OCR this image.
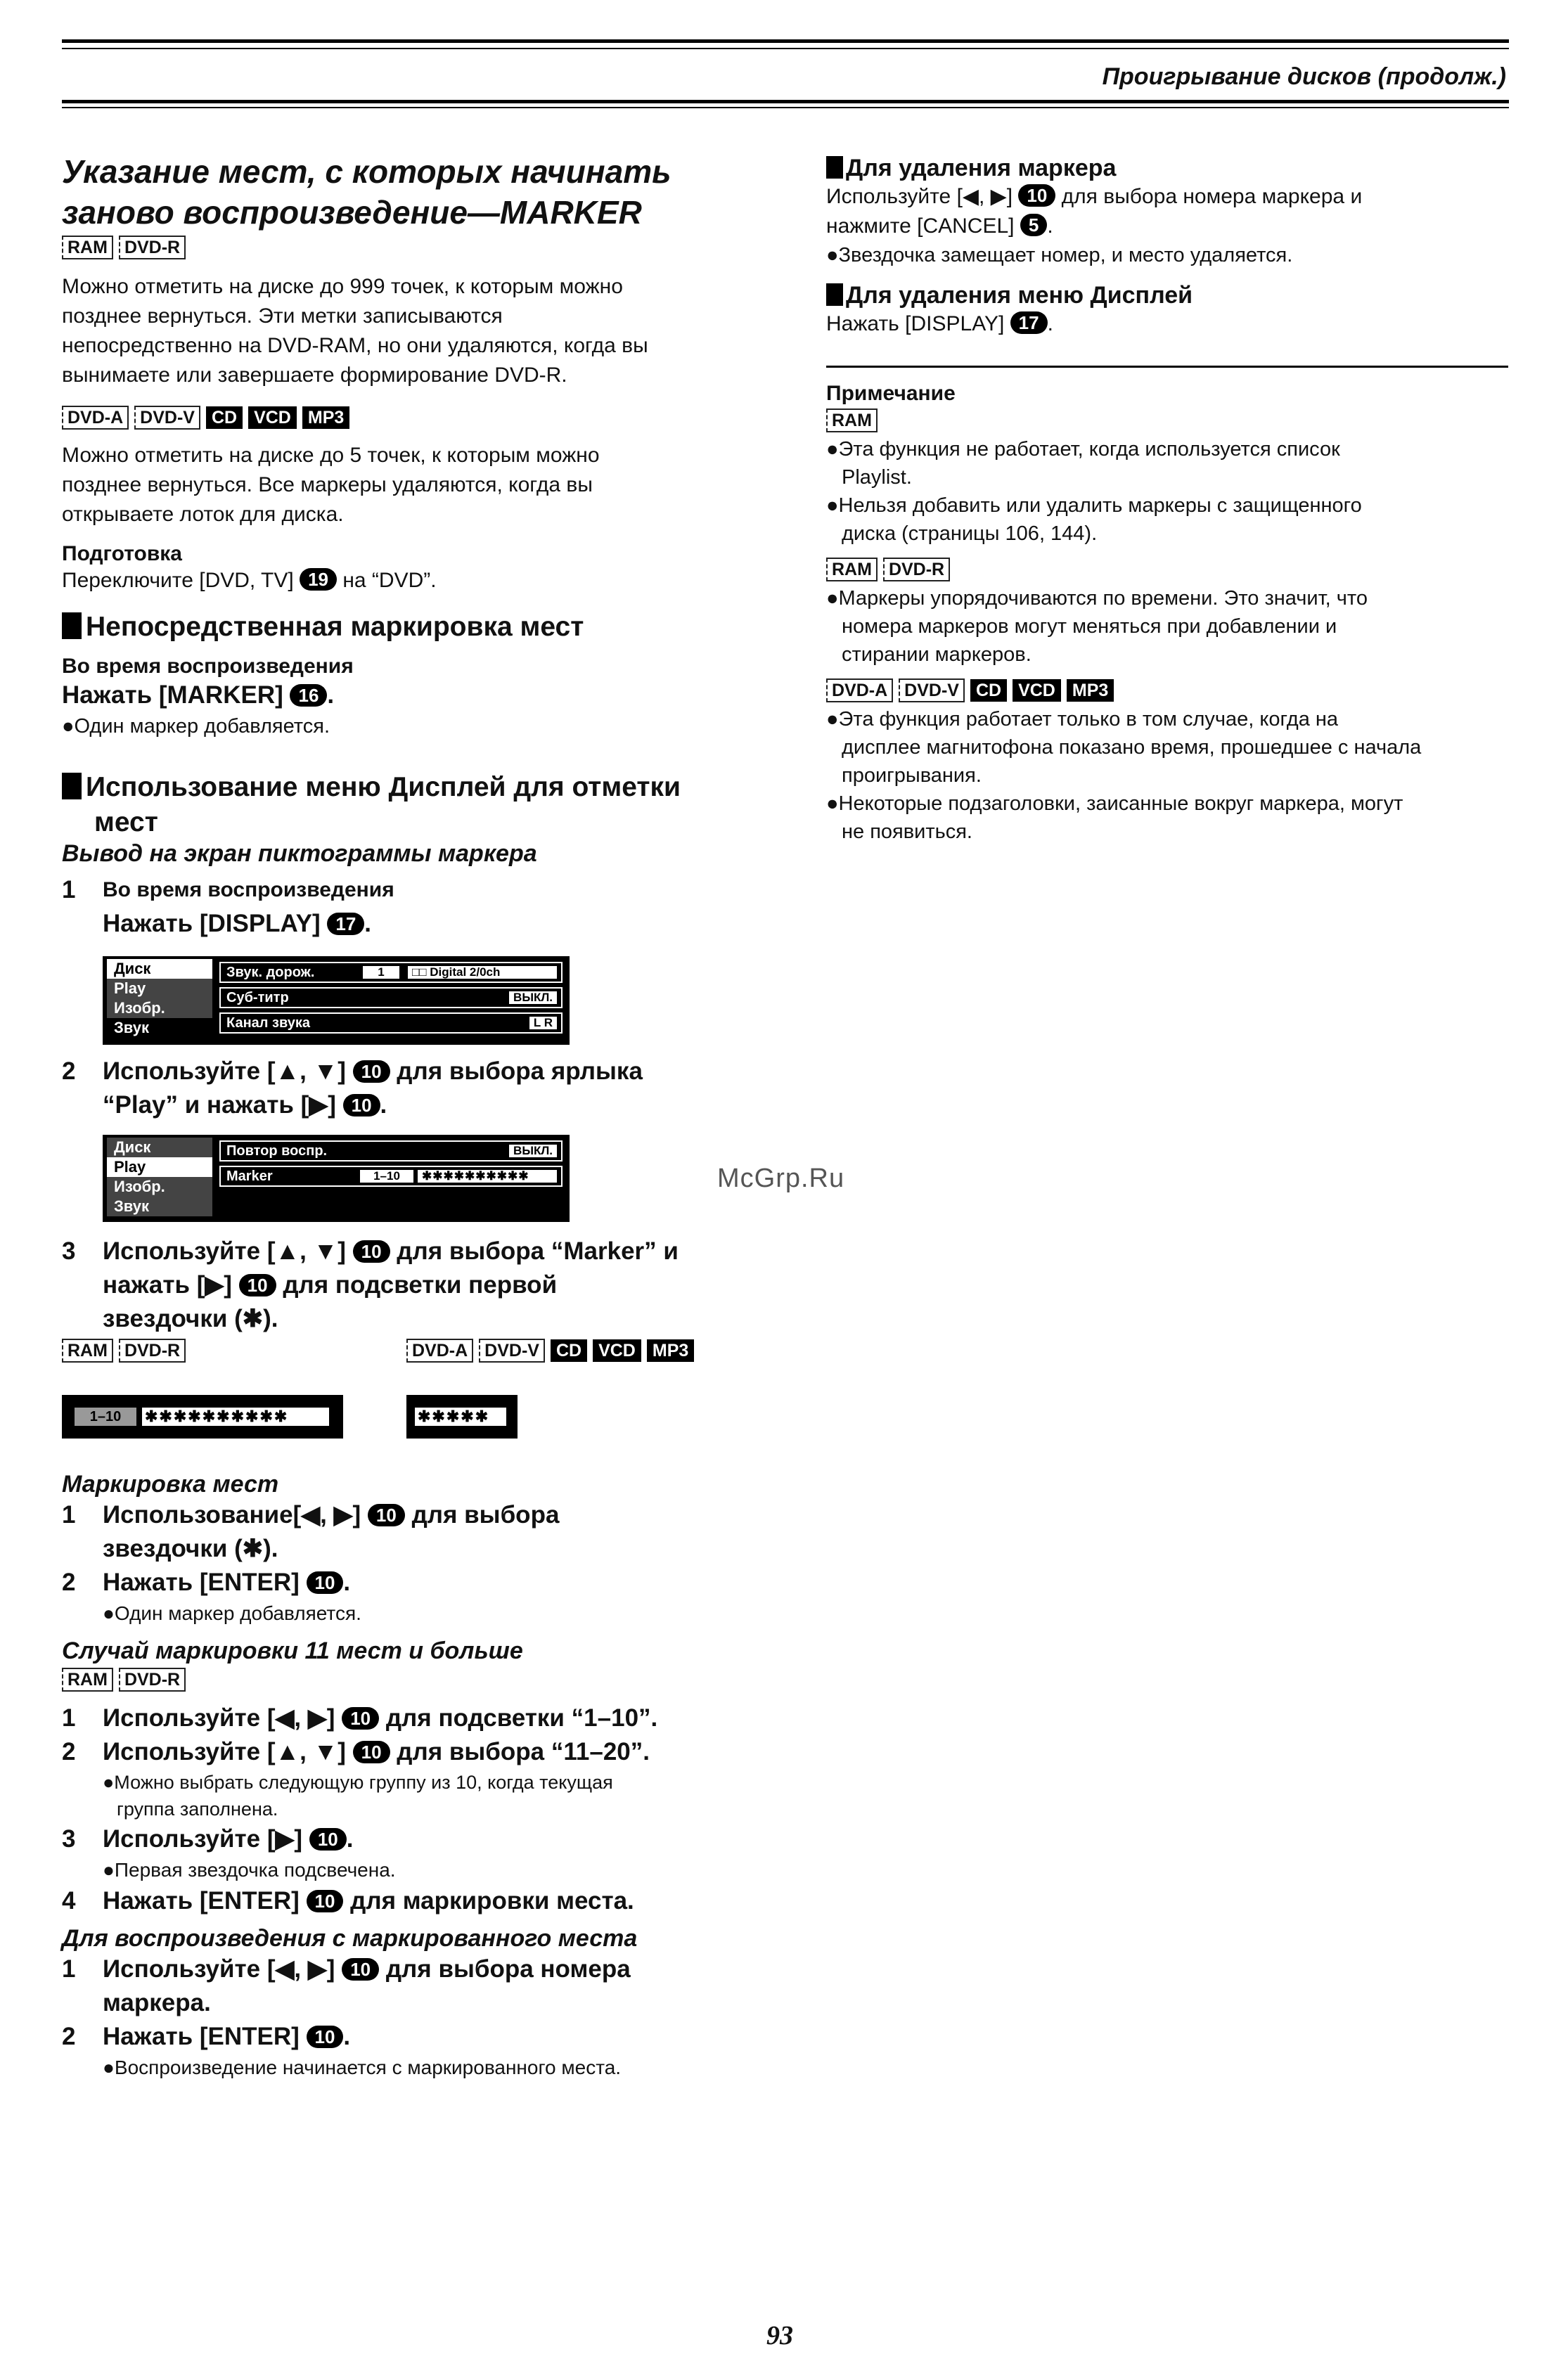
Проигрывание дисков (продолж.)
Указание мест, с которых начинать
заново воспроизведение—MARKER
RAM DVD-R
Можно отметить на диске до 999 точек, к которым можно
позднее вернуться. Эти метки записываются
непосредственно на DVD-RAM, но они удаляются, когда вы
вынимаете или завершаете формирование DVD-R.
DVD-A DVD-V CD VCD MP3
Можно отметить на диске до 5 точек, к которым можно
позднее вернуться. Все маркеры удаляются, когда вы
открываете лоток для диска.
Подготовка
Переключите [DVD, TV] 19 на “DVD”.
Непосредственная маркировка мест
Во время воспроизведения
Нажать [MARKER] 16 .
●Один маркер добавляется.
Использование меню Дисплей для отметки
мест
Вывод на экран пиктограммы маркера
1	Во время воспроизведения
Нажать [DISPLAY] 17 .
Диск
Play
Изобр.
Звук
Звук. дорож.	1	□□ Digital 2/0ch
Суб-титр	ВЫКЛ.
Канал звука	L R
2 Используйте [▲, ▼] 10 для выбора ярлыка
“Play” и нажать [▶] 10 .
Диск
Play
Изобр.
Звук
Повтор воспр.	ВЫКЛ.
Marker	1–10	✱✱✱✱✱✱✱✱✱✱
3 Используйте [▲, ▼] 10 для выбора “Marker” и
нажать [▶] 10 для подсветки первой
звездочки (✱).
RAM DVD-R	DVD-A DVD-V CD VCD MP3
1–10	✱✱✱✱✱✱✱✱✱✱	✱✱✱✱✱
Маркировка мест
1 Использование[◀, ▶] 10 для выбора
звездочки (✱).
2 Нажать [ENTER] 10 .
●Один маркер добавляется.
Случай маркировки 11 мест и больше
RAM DVD-R
1 Используйте [◀, ▶] 10 для подсветки “1–10”.
2 Используйте [▲, ▼] 10 для выбора “11–20”.
●Можно выбрать следующую группу из 10, когда текущая
группа заполнена.
3 Используйте [▶] 10 .
●Первая звездочка подсвечена.
4 Нажать [ENTER] 10 для маркировки места.
Для воспроизведения с маркированного места
1 Используйте [◀, ▶] 10 для выбора номера
маркера.
2 Нажать [ENTER] 10 .
●Воспроизведение начинается с маркированного места.
Для удаления маркера
Используйте [◀, ▶] 10 для выбора номера маркера и
нажмите [CANCEL] 5 .
●Звездочка замещает номер, и место удаляется.
Для удаления меню Дисплей
Нажать [DISPLAY] 17 .
Примечание
RAM
●Эта функция не работает, когда используется список
Playlist.
●Нельзя добавить или удалить маркеры с защищенного
диска (страницы 106, 144).
RAM DVD-R
●Маркеры упорядочиваются по времени. Это значит, что
номера маркеров могут меняться при добавлении и
стирании маркеров.
DVD-A DVD-V CD VCD MP3
●Эта функция работает только в том случае, когда на
дисплее магнитофона показано время, прошедшее с начала
проигрывания.
●Некоторые подзаголовки, заисанные вокруг маркера, могут
не появиться.
McGrp.Ru
93
